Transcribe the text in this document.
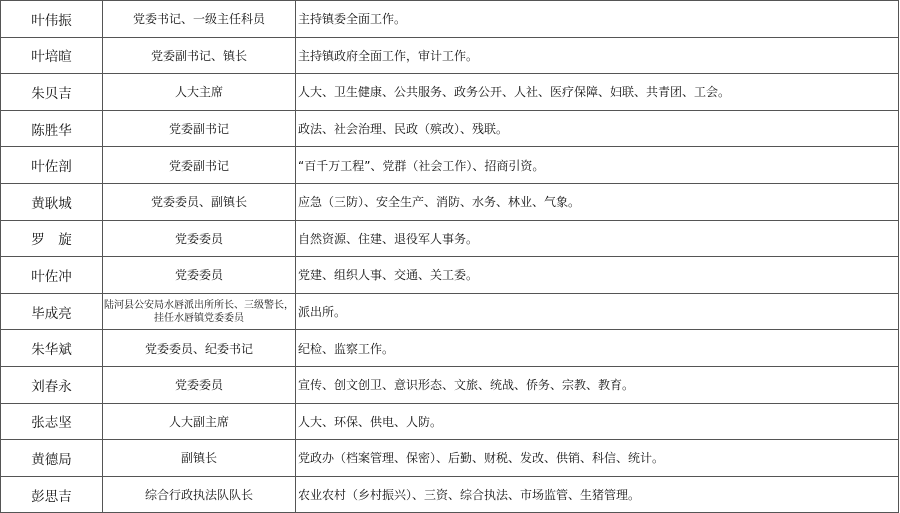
叶伟振	党委书记、一级主任科员	主持镇委全面工作。
叶培暄	党委副书记、镇长	主持镇政府全面工作，审计工作。
朱贝吉	人大主席	人大、卫生健康、公共服务、政务公开、人社、医疗保障、妇联、共青团、工会。
陈胜华	党委副书记	政法、社会治理、民政（殡改）、残联。
叶佐剖	党委副书记	“百千万工程”、党群（社会工作）、招商引资。
黄耿城	党委委员、副镇长	应急（三防）、安全生产、消防、水务、林业、气象。
罗　旋	党委委员	自然资源、住建、退役军人事务。
叶佐冲	党委委员	党建、组织人事、交通、关工委。
毕成亮	陆河县公安局水唇派出所所长、三级警长，挂任水唇镇党委委员	派出所。
朱华斌	党委委员、纪委书记	纪检、监察工作。
刘春永	党委委员	宣传、创文创卫、意识形态、文旅、统战、侨务、宗教、教育。
张志坚	人大副主席	人大、环保、供电、人防。
黄德局	副镇长	党政办（档案管理、保密）、后勤、财税、发改、供销、科信、统计。
彭思吉	综合行政执法队队长	农业农村（乡村振兴）、三资、综合执法、市场监管、生猪管理。
